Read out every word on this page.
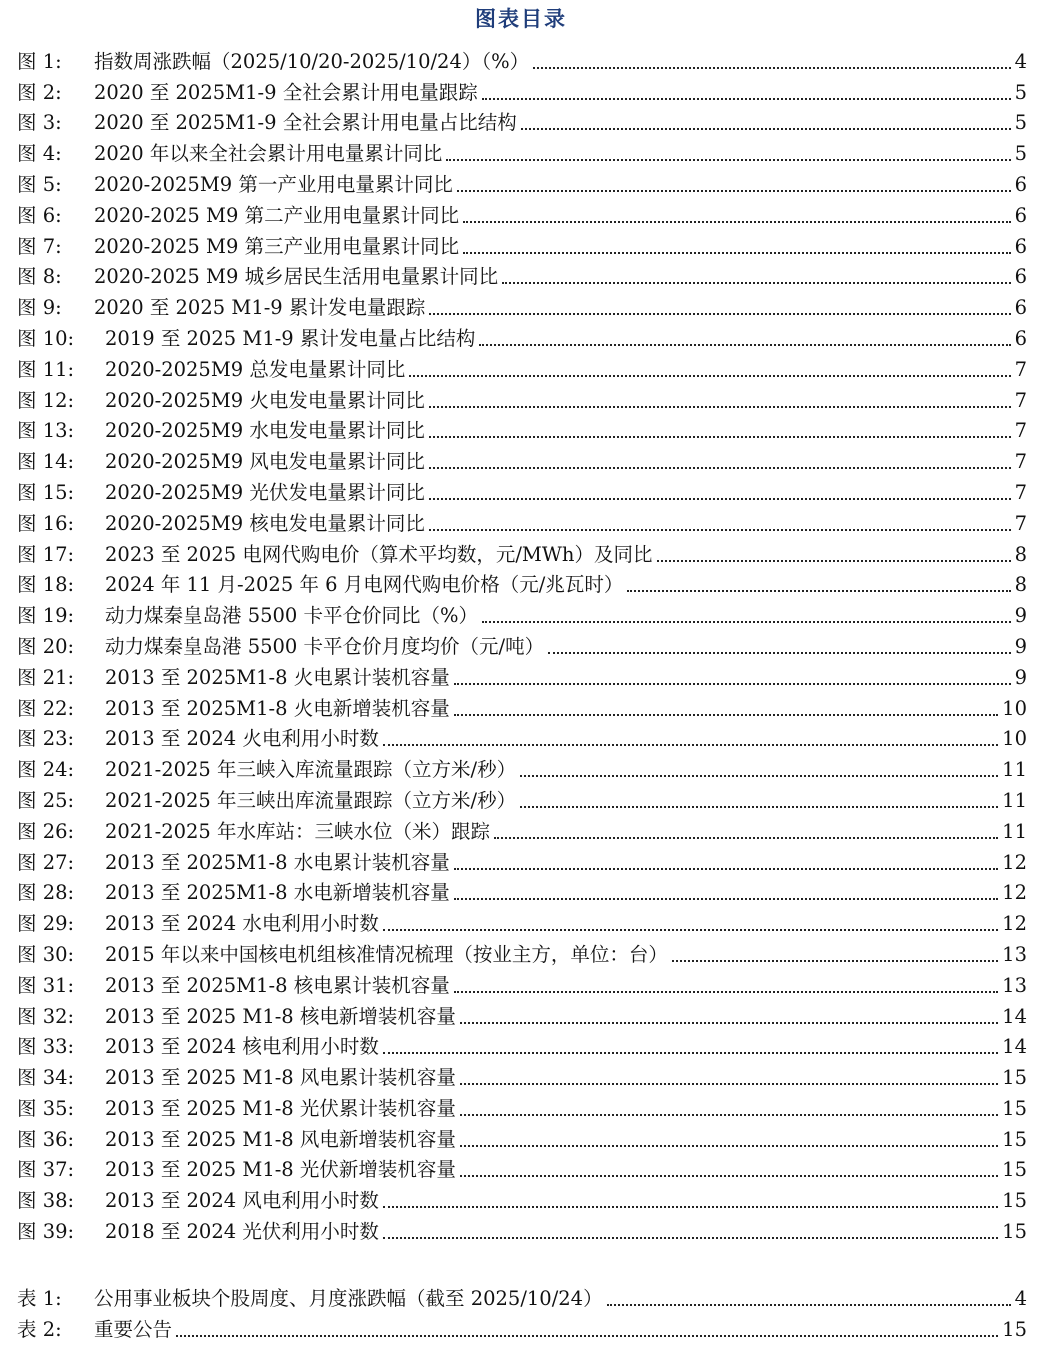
图表目录
图 1:	指数周涨跌幅（2025/10/20-2025/10/24）（%）	4
图 2:	2020 至 2025M1-9 全社会累计用电量跟踪	5
图 3:	2020 至 2025M1-9 全社会累计用电量占比结构	5
图 4:	2020 年以来全社会累计用电量累计同比	5
图 5:	2020-2025M9 第一产业用电量累计同比	6
图 6:	2020-2025 M9 第二产业用电量累计同比	6
图 7:	2020-2025 M9 第三产业用电量累计同比	6
图 8:	2020-2025 M9 城乡居民生活用电量累计同比	6
图 9:	2020 至 2025 M1-9 累计发电量跟踪	6
图 10:	2019 至 2025 M1-9 累计发电量占比结构	6
图 11:	2020-2025M9 总发电量累计同比	7
图 12:	2020-2025M9 火电发电量累计同比	7
图 13:	2020-2025M9 水电发电量累计同比	7
图 14:	2020-2025M9 风电发电量累计同比	7
图 15:	2020-2025M9 光伏发电量累计同比	7
图 16:	2020-2025M9 核电发电量累计同比	7
图 17:	2023 至 2025 电网代购电价（算术平均数，元/MWh）及同比	8
图 18:	2024 年 11 月-2025 年 6 月电网代购电价格（元/兆瓦时）	8
图 19:	动力煤秦皇岛港 5500 卡平仓价同比（%）	9
图 20:	动力煤秦皇岛港 5500 卡平仓价月度均价（元/吨）	9
图 21:	2013 至 2025M1-8 火电累计装机容量	9
图 22:	2013 至 2025M1-8 火电新增装机容量	10
图 23:	2013 至 2024 火电利用小时数	10
图 24:	2021-2025 年三峡入库流量跟踪（立方米/秒）	11
图 25:	2021-2025 年三峡出库流量跟踪（立方米/秒）	11
图 26:	2021-2025 年水库站：三峡水位（米）跟踪	11
图 27:	2013 至 2025M1-8 水电累计装机容量	12
图 28:	2013 至 2025M1-8 水电新增装机容量	12
图 29:	2013 至 2024 水电利用小时数	12
图 30:	2015 年以来中国核电机组核准情况梳理（按业主方，单位：台）	13
图 31:	2013 至 2025M1-8 核电累计装机容量	13
图 32:	2013 至 2025 M1-8 核电新增装机容量	14
图 33:	2013 至 2024 核电利用小时数	14
图 34:	2013 至 2025 M1-8 风电累计装机容量	15
图 35:	2013 至 2025 M1-8 光伏累计装机容量	15
图 36:	2013 至 2025 M1-8 风电新增装机容量	15
图 37:	2013 至 2025 M1-8 光伏新增装机容量	15
图 38:	2013 至 2024 风电利用小时数	15
图 39:	2018 至 2024 光伏利用小时数	15
表 1:	公用事业板块个股周度、月度涨跌幅（截至 2025/10/24）	4
表 2:	重要公告	15
